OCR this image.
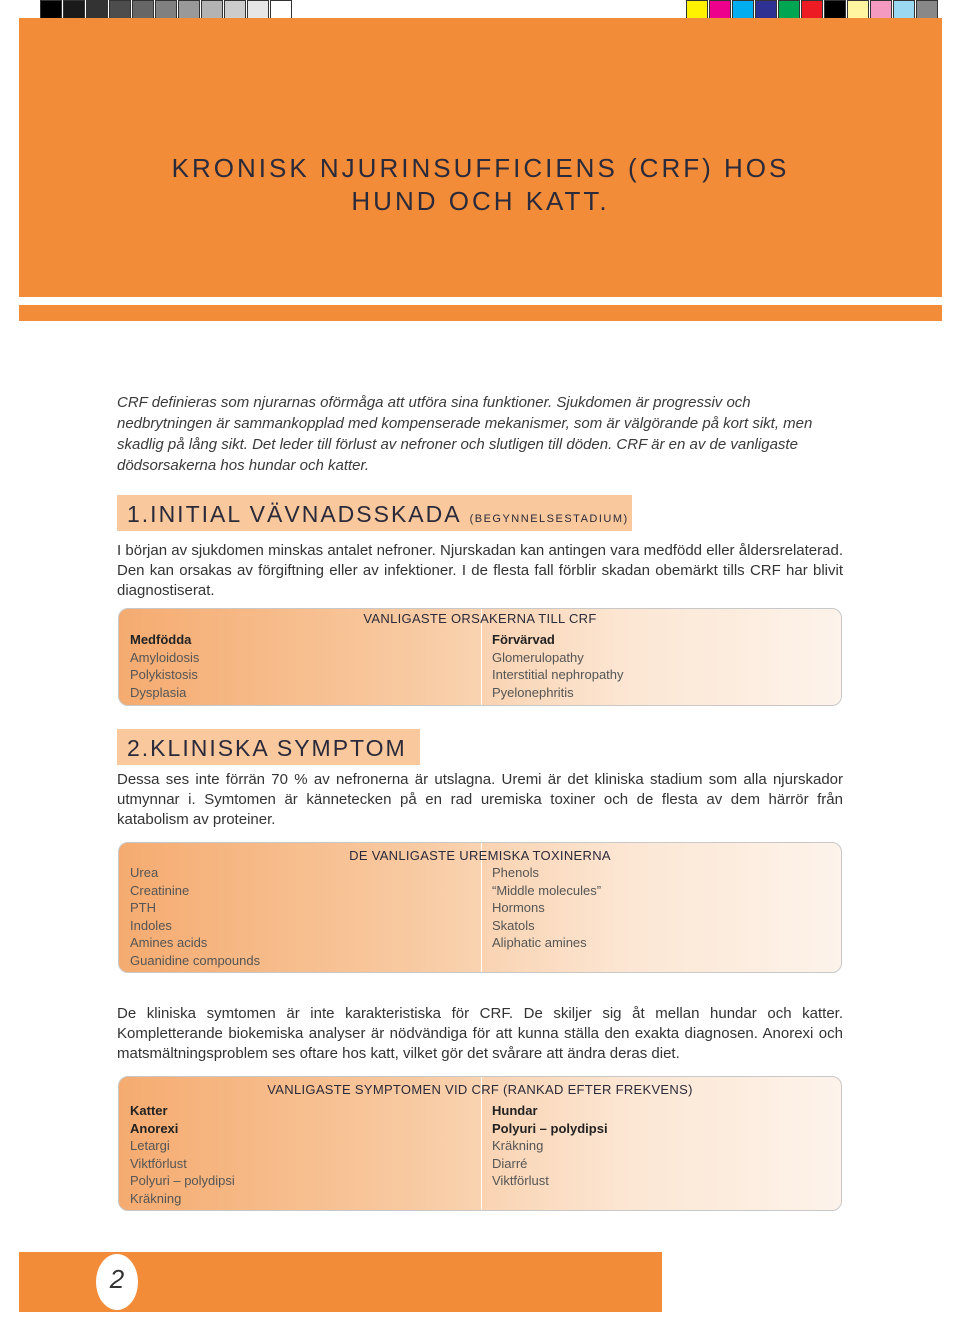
KRONISK NJURINSUFFICIENS (CRF) HOS
HUND OCH KATT.

CRF definieras som njurarnas oförmåga att utföra sina funktioner. Sjukdomen är progressiv och nedbrytningen är sammankopplad med kompenserade mekanismer, som är välgörande på kort sikt, men skadlig på lång sikt. Det leder till förlust av nefroner och slutligen till döden. CRF är en av de vanligaste dödsorsakerna hos hundar och katter.

1.INITIAL VÄVNADSSKADA (BEGYNNELSESTADIUM)

I början av sjukdomen minskas antalet nefroner. Njurskadan kan antingen vara medfödd eller åldersrelaterad. Den kan orsakas av förgiftning eller av infektioner. I de flesta fall förblir skadan obemärkt tills CRF har blivit diagnostiserat.

VANLIGASTE ORSAKERNA TILL CRF
Medfödda
Amyloidosis
Polykistosis
Dysplasia
Förvärvad
Glomerulopathy
Interstitial nephropathy
Pyelonephritis
2.KLINISKA SYMPTOM

Dessa ses inte förrän 70 % av nefronerna är utslagna. Uremi är det kliniska stadium som alla njurskador utmynnar i. Symtomen är kännetecken på en rad uremiska toxiner och de flesta av dem härrör från katabolism av proteiner.

DE VANLIGASTE UREMISKA TOXINERNA
Urea
Creatinine
PTH
Indoles
Amines acids
Guanidine compounds
Phenols
“Middle molecules”
Hormons
Skatols
Aliphatic amines

De kliniska symtomen är inte karakteristiska för CRF. De skiljer sig åt mellan hundar och katter. Kompletterande biokemiska analyser är nödvändiga för att kunna ställa den exakta diagnosen. Anorexi och matsmältningsproblem ses oftare hos katt, vilket gör det svårare att ändra deras diet.

VANLIGASTE SYMPTOMEN VID CRF (RANKAD EFTER FREKVENS)
Katter
Anorexi
Letargi
Viktförlust
Polyuri – polydipsi
Kräkning
Hundar
Polyuri – polydipsi
Kräkning
Diarré
Viktförlust
2
